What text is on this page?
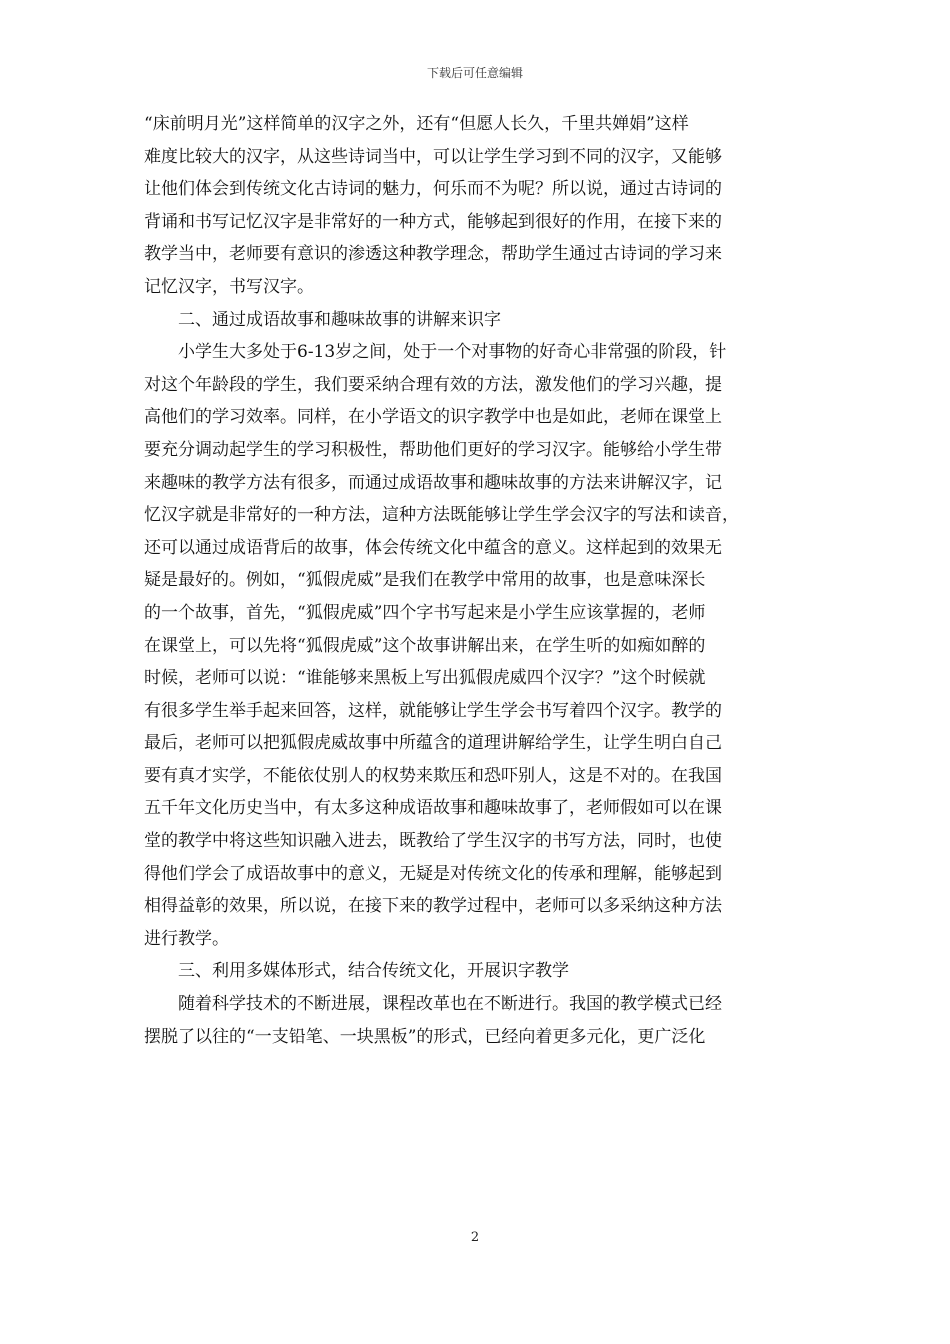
下载后可任意编辑
“床前明月光”这样简单的汉字之外，还有“但愿人长久，千里共婵娟”这样
难度比较大的汉字，从这些诗词当中，可以让学生学习到不同的汉字，又能够
让他们体会到传统文化古诗词的魅力，何乐而不为呢？所以说，通过古诗词的
背诵和书写记忆汉字是非常好的一种方式，能够起到很好的作用，在接下来的
教学当中，老师要有意识的渗透这种教学理念，帮助学生通过古诗词的学习来
记忆汉字，书写汉字。
二、通过成语故事和趣味故事的讲解来识字
小学生大多处于6-13岁之间，处于一个对事物的好奇心非常强的阶段，针
对这个年龄段的学生，我们要采纳合理有效的方法，激发他们的学习兴趣，提
高他们的学习效率。同样，在小学语文的识字教学中也是如此，老师在课堂上
要充分调动起学生的学习积极性，帮助他们更好的学习汉字。能够给小学生带
来趣味的教学方法有很多，而通过成语故事和趣味故事的方法来讲解汉字，记
忆汉字就是非常好的一种方法，這种方法既能够让学生学会汉字的写法和读音，
还可以通过成语背后的故事，体会传统文化中蕴含的意义。这样起到的效果无
疑是最好的。例如，“狐假虎威”是我们在教学中常用的故事，也是意味深长
的一个故事，首先，“狐假虎威”四个字书写起来是小学生应该掌握的，老师
在课堂上，可以先将“狐假虎威”这个故事讲解出来，在学生听的如痴如醉的
时候，老师可以说：“谁能够来黑板上写出狐假虎威四个汉字？”这个时候就
有很多学生举手起来回答，这样，就能够让学生学会书写着四个汉字。教学的
最后，老师可以把狐假虎威故事中所蕴含的道理讲解给学生，让学生明白自己
要有真才实学，不能依仗别人的权势来欺压和恐吓别人，这是不对的。在我国
五千年文化历史当中，有太多这种成语故事和趣味故事了，老师假如可以在课
堂的教学中将这些知识融入进去，既教给了学生汉字的书写方法，同时，也使
得他们学会了成语故事中的意义，无疑是对传统文化的传承和理解，能够起到
相得益彰的效果，所以说，在接下来的教学过程中，老师可以多采纳这种方法
进行教学。
三、利用多媒体形式，结合传统文化，开展识字教学
随着科学技术的不断进展，课程改革也在不断进行。我国的教学模式已经
摆脱了以往的“一支铅笔、一块黑板”的形式，已经向着更多元化，更广泛化
2
